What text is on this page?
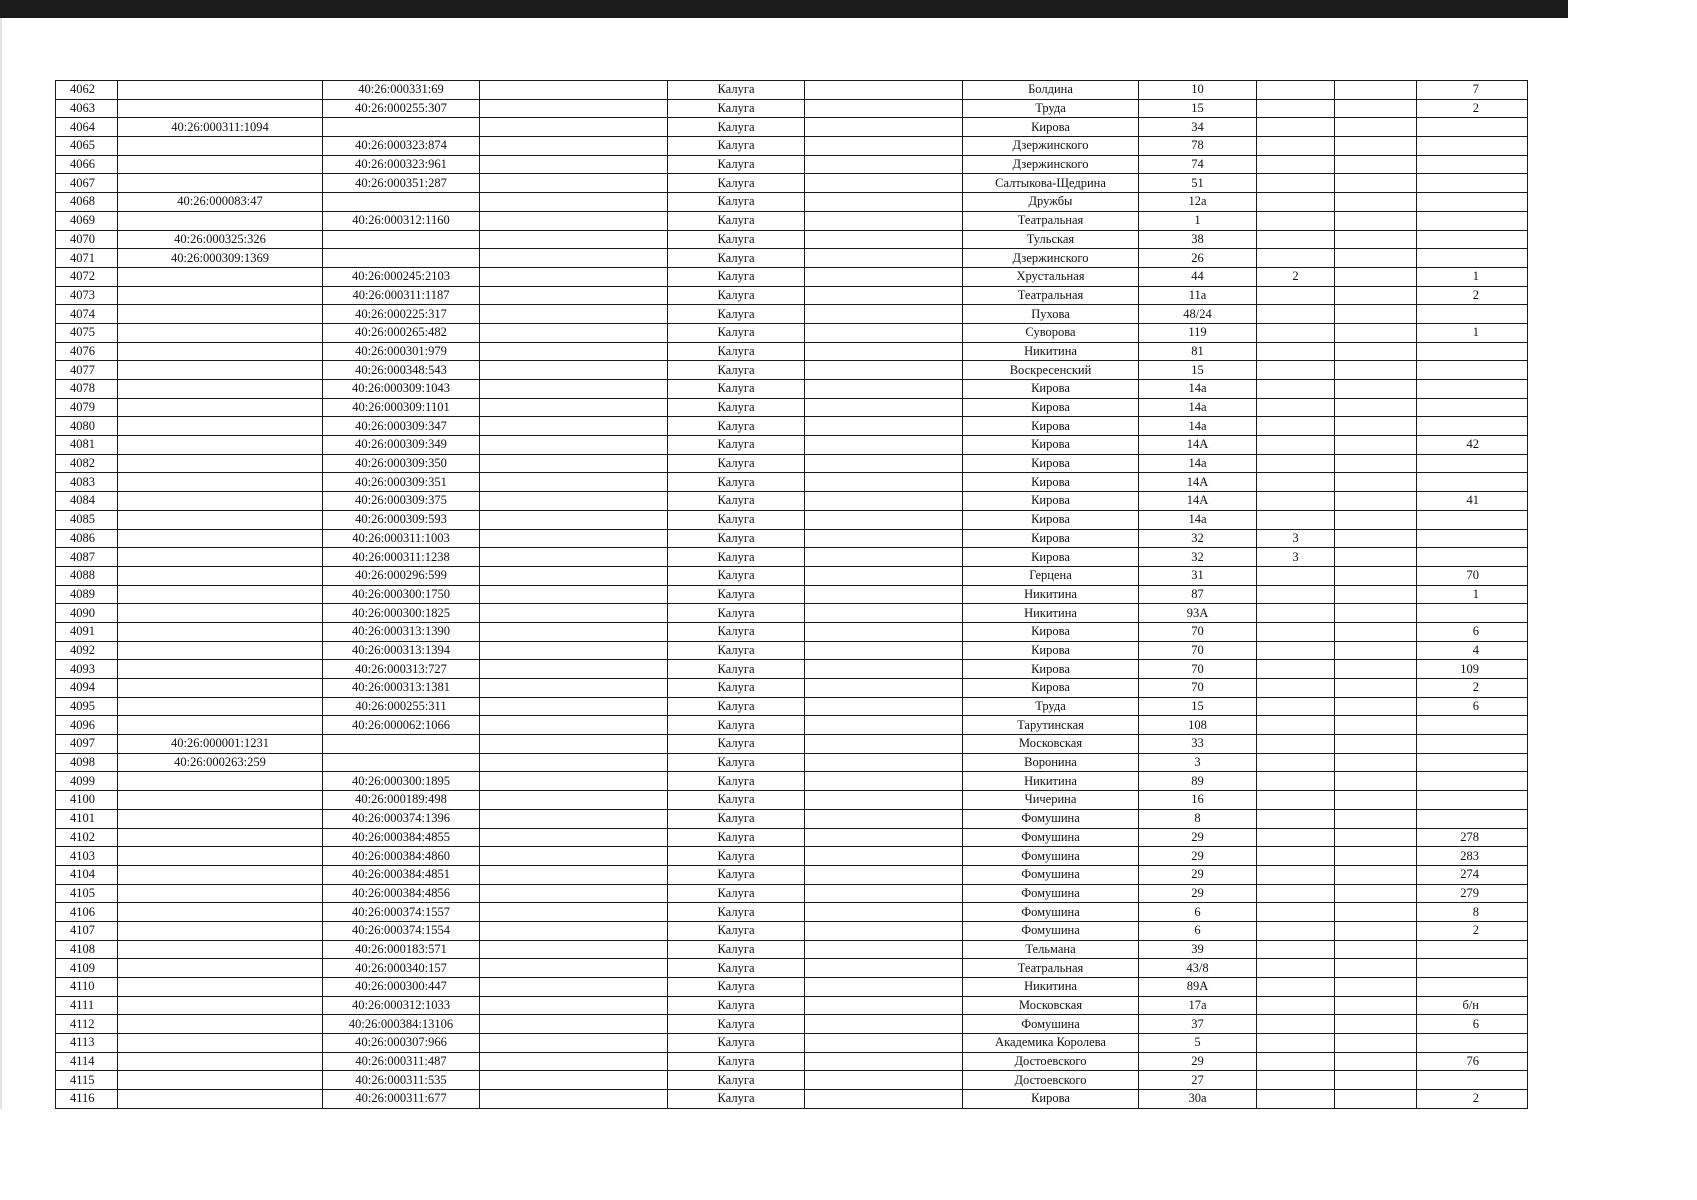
4062		40:26:000331:69		Калуга		Болдина	10			7
4063		40:26:000255:307		Калуга		Труда	15			2
4064	40:26:000311:1094			Калуга		Кирова	34			
4065		40:26:000323:874		Калуга		Дзержинского	78			
4066		40:26:000323:961		Калуга		Дзержинского	74			
4067		40:26:000351:287		Калуга		Салтыкова-Щедрина	51			
4068	40:26:000083:47			Калуга		Дружбы	12а			
4069		40:26:000312:1160		Калуга		Театральная	1			
4070	40:26:000325:326			Калуга		Тульская	38			
4071	40:26:000309:1369			Калуга		Дзержинского	26			
4072		40:26:000245:2103		Калуга		Хрустальная	44	2		1
4073		40:26:000311:1187		Калуга		Театральная	11а			2
4074		40:26:000225:317		Калуга		Пухова	48/24			
4075		40:26:000265:482		Калуга		Суворова	119			1
4076		40:26:000301:979		Калуга		Никитина	81			
4077		40:26:000348:543		Калуга		Воскресенский	15			
4078		40:26:000309:1043		Калуга		Кирова	14а			
4079		40:26:000309:1101		Калуга		Кирова	14а			
4080		40:26:000309:347		Калуга		Кирова	14а			
4081		40:26:000309:349		Калуга		Кирова	14А			42
4082		40:26:000309:350		Калуга		Кирова	14а			
4083		40:26:000309:351		Калуга		Кирова	14А			
4084		40:26:000309:375		Калуга		Кирова	14А			41
4085		40:26:000309:593		Калуга		Кирова	14а			
4086		40:26:000311:1003		Калуга		Кирова	32	3		
4087		40:26:000311:1238		Калуга		Кирова	32	3		
4088		40:26:000296:599		Калуга		Герцена	31			70
4089		40:26:000300:1750		Калуга		Никитина	87			1
4090		40:26:000300:1825		Калуга		Никитина	93А			
4091		40:26:000313:1390		Калуга		Кирова	70			6
4092		40:26:000313:1394		Калуга		Кирова	70			4
4093		40:26:000313:727		Калуга		Кирова	70			109
4094		40:26:000313:1381		Калуга		Кирова	70			2
4095		40:26:000255:311		Калуга		Труда	15			6
4096		40:26:000062:1066		Калуга		Тарутинская	108			
4097	40:26:000001:1231			Калуга		Московская	33			
4098	40:26:000263:259			Калуга		Воронина	3			
4099		40:26:000300:1895		Калуга		Никитина	89			
4100		40:26:000189:498		Калуга		Чичерина	16			
4101		40:26:000374:1396		Калуга		Фомушина	8			
4102		40:26:000384:4855		Калуга		Фомушина	29			278
4103		40:26:000384:4860		Калуга		Фомушина	29			283
4104		40:26:000384:4851		Калуга		Фомушина	29			274
4105		40:26:000384:4856		Калуга		Фомушина	29			279
4106		40:26:000374:1557		Калуга		Фомушина	6			8
4107		40:26:000374:1554		Калуга		Фомушина	6			2
4108		40:26:000183:571		Калуга		Тельмана	39			
4109		40:26:000340:157		Калуга		Театральная	43/8			
4110		40:26:000300:447		Калуга		Никитина	89А			
4111		40:26:000312:1033		Калуга		Московская	17а			б/н
4112		40:26:000384:13106		Калуга		Фомушина	37			6
4113		40:26:000307:966		Калуга		Академика Королева	5			
4114		40:26:000311:487		Калуга		Достоевского	29			76
4115		40:26:000311:535		Калуга		Достоевского	27			
4116		40:26:000311:677		Калуга		Кирова	30а			2
